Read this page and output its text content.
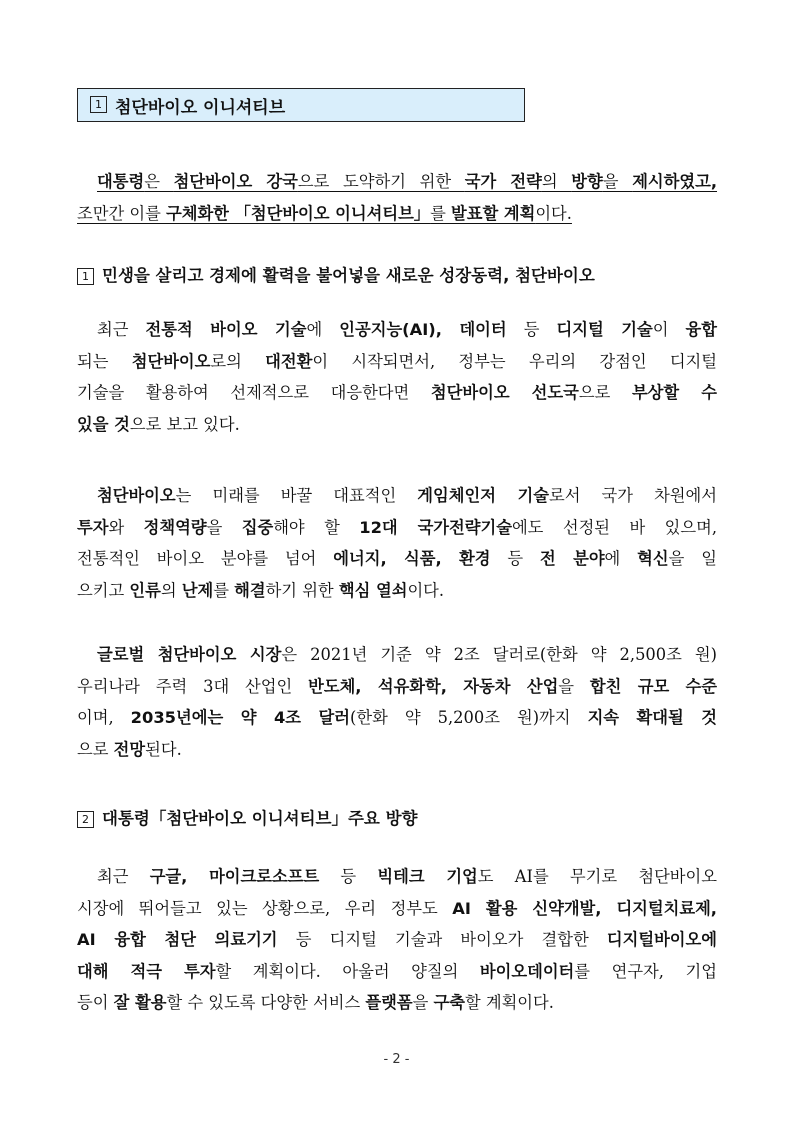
1 첨단바이오 이니셔티브
대통령은 첨단바이오 강국으로 도약하기 위한 국가 전략의 방향을 제시하였고,
조만간 이를 구체화한 「첨단바이오 이니셔티브」를 발표할 계획이다.
1 민생을 살리고 경제에 활력을 불어넣을 새로운 성장동력, 첨단바이오
최근 전통적 바이오 기술에 인공지능(AI), 데이터 등 디지털 기술이 융합
되는 첨단바이오로의 대전환이 시작되면서, 정부는 우리의 강점인 디지털
기술을 활용하여 선제적으로 대응한다면 첨단바이오 선도국으로 부상할 수
있을 것으로 보고 있다.
첨단바이오는 미래를 바꿀 대표적인 게임체인저 기술로서 국가 차원에서
투자와 정책역량을 집중해야 할 12대 국가전략기술에도 선정된 바 있으며,
전통적인 바이오 분야를 넘어 에너지, 식품, 환경 등 전 분야에 혁신을 일
으키고 인류의 난제를 해결하기 위한 핵심 열쇠이다.
글로벌 첨단바이오 시장은 2021년 기준 약 2조 달러로(한화 약 2,500조 원)
우리나라 주력 3대 산업인 반도체, 석유화학, 자동차 산업을 합친 규모 수준
이며, 2035년에는 약 4조 달러(한화 약 5,200조 원)까지 지속 확대될 것
으로 전망된다.
2 대통령「첨단바이오 이니셔티브」주요 방향
최근 구글, 마이크로소프트 등 빅테크 기업도 AI를 무기로 첨단바이오
시장에 뛰어들고 있는 상황으로, 우리 정부도 AI 활용 신약개발, 디지털치료제,
AI 융합 첨단 의료기기 등 디지털 기술과 바이오가 결합한 디지털바이오에
대해 적극 투자할 계획이다. 아울러 양질의 바이오데이터를 연구자, 기업
등이 잘 활용할 수 있도록 다양한 서비스 플랫폼을 구축할 계획이다.
- 2 -
